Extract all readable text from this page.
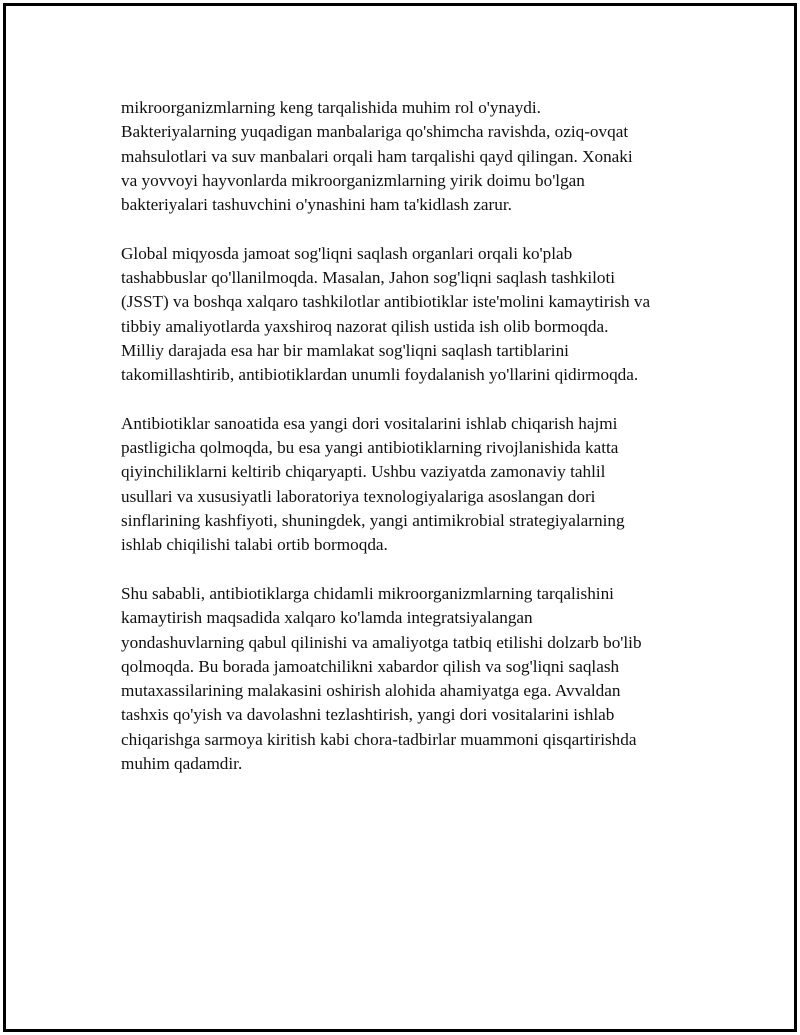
mikroorganizmlarning keng tarqalishida muhim rol o'ynaydi.
Bakteriyalarning yuqadigan manbalariga qo'shimcha ravishda, oziq-ovqat
mahsulotlari va suv manbalari orqali ham tarqalishi qayd qilingan. Xonaki
va yovvoyi hayvonlarda mikroorganizmlarning yirik doimu bo'lgan
bakteriyalari tashuvchini o'ynashini ham ta'kidlash zarur.

Global miqyosda jamoat sog'liqni saqlash organlari orqali ko'plab
tashabbuslar qo'llanilmoqda. Masalan, Jahon sog'liqni saqlash tashkiloti
(JSST) va boshqa xalqaro tashkilotlar antibiotiklar iste'molini kamaytirish va
tibbiy amaliyotlarda yaxshiroq nazorat qilish ustida ish olib bormoqda.
Milliy darajada esa har bir mamlakat sog'liqni saqlash tartiblarini
takomillashtirib, antibiotiklardan unumli foydalanish yo'llarini qidirmoqda.

Antibiotiklar sanoatida esa yangi dori vositalarini ishlab chiqarish hajmi
pastligicha qolmoqda, bu esa yangi antibiotiklarning rivojlanishida katta
qiyinchiliklarni keltirib chiqaryapti. Ushbu vaziyatda zamonaviy tahlil
usullari va xususiyatli laboratoriya texnologiyalariga asoslangan dori
sinflarining kashfiyoti, shuningdek, yangi antimikrobial strategiyalarning
ishlab chiqilishi talabi ortib bormoqda.

Shu sababli, antibiotiklarga chidamli mikroorganizmlarning tarqalishini
kamaytirish maqsadida xalqaro ko'lamda integratsiyalangan
yondashuvlarning qabul qilinishi va amaliyotga tatbiq etilishi dolzarb bo'lib
qolmoqda. Bu borada jamoatchilikni xabardor qilish va sog'liqni saqlash
mutaxassilarining malakasini oshirish alohida ahamiyatga ega. Avvaldan
tashxis qo'yish va davolashni tezlashtirish, yangi dori vositalarini ishlab
chiqarishga sarmoya kiritish kabi chora-tadbirlar muammoni qisqartirishda
muhim qadamdir.
